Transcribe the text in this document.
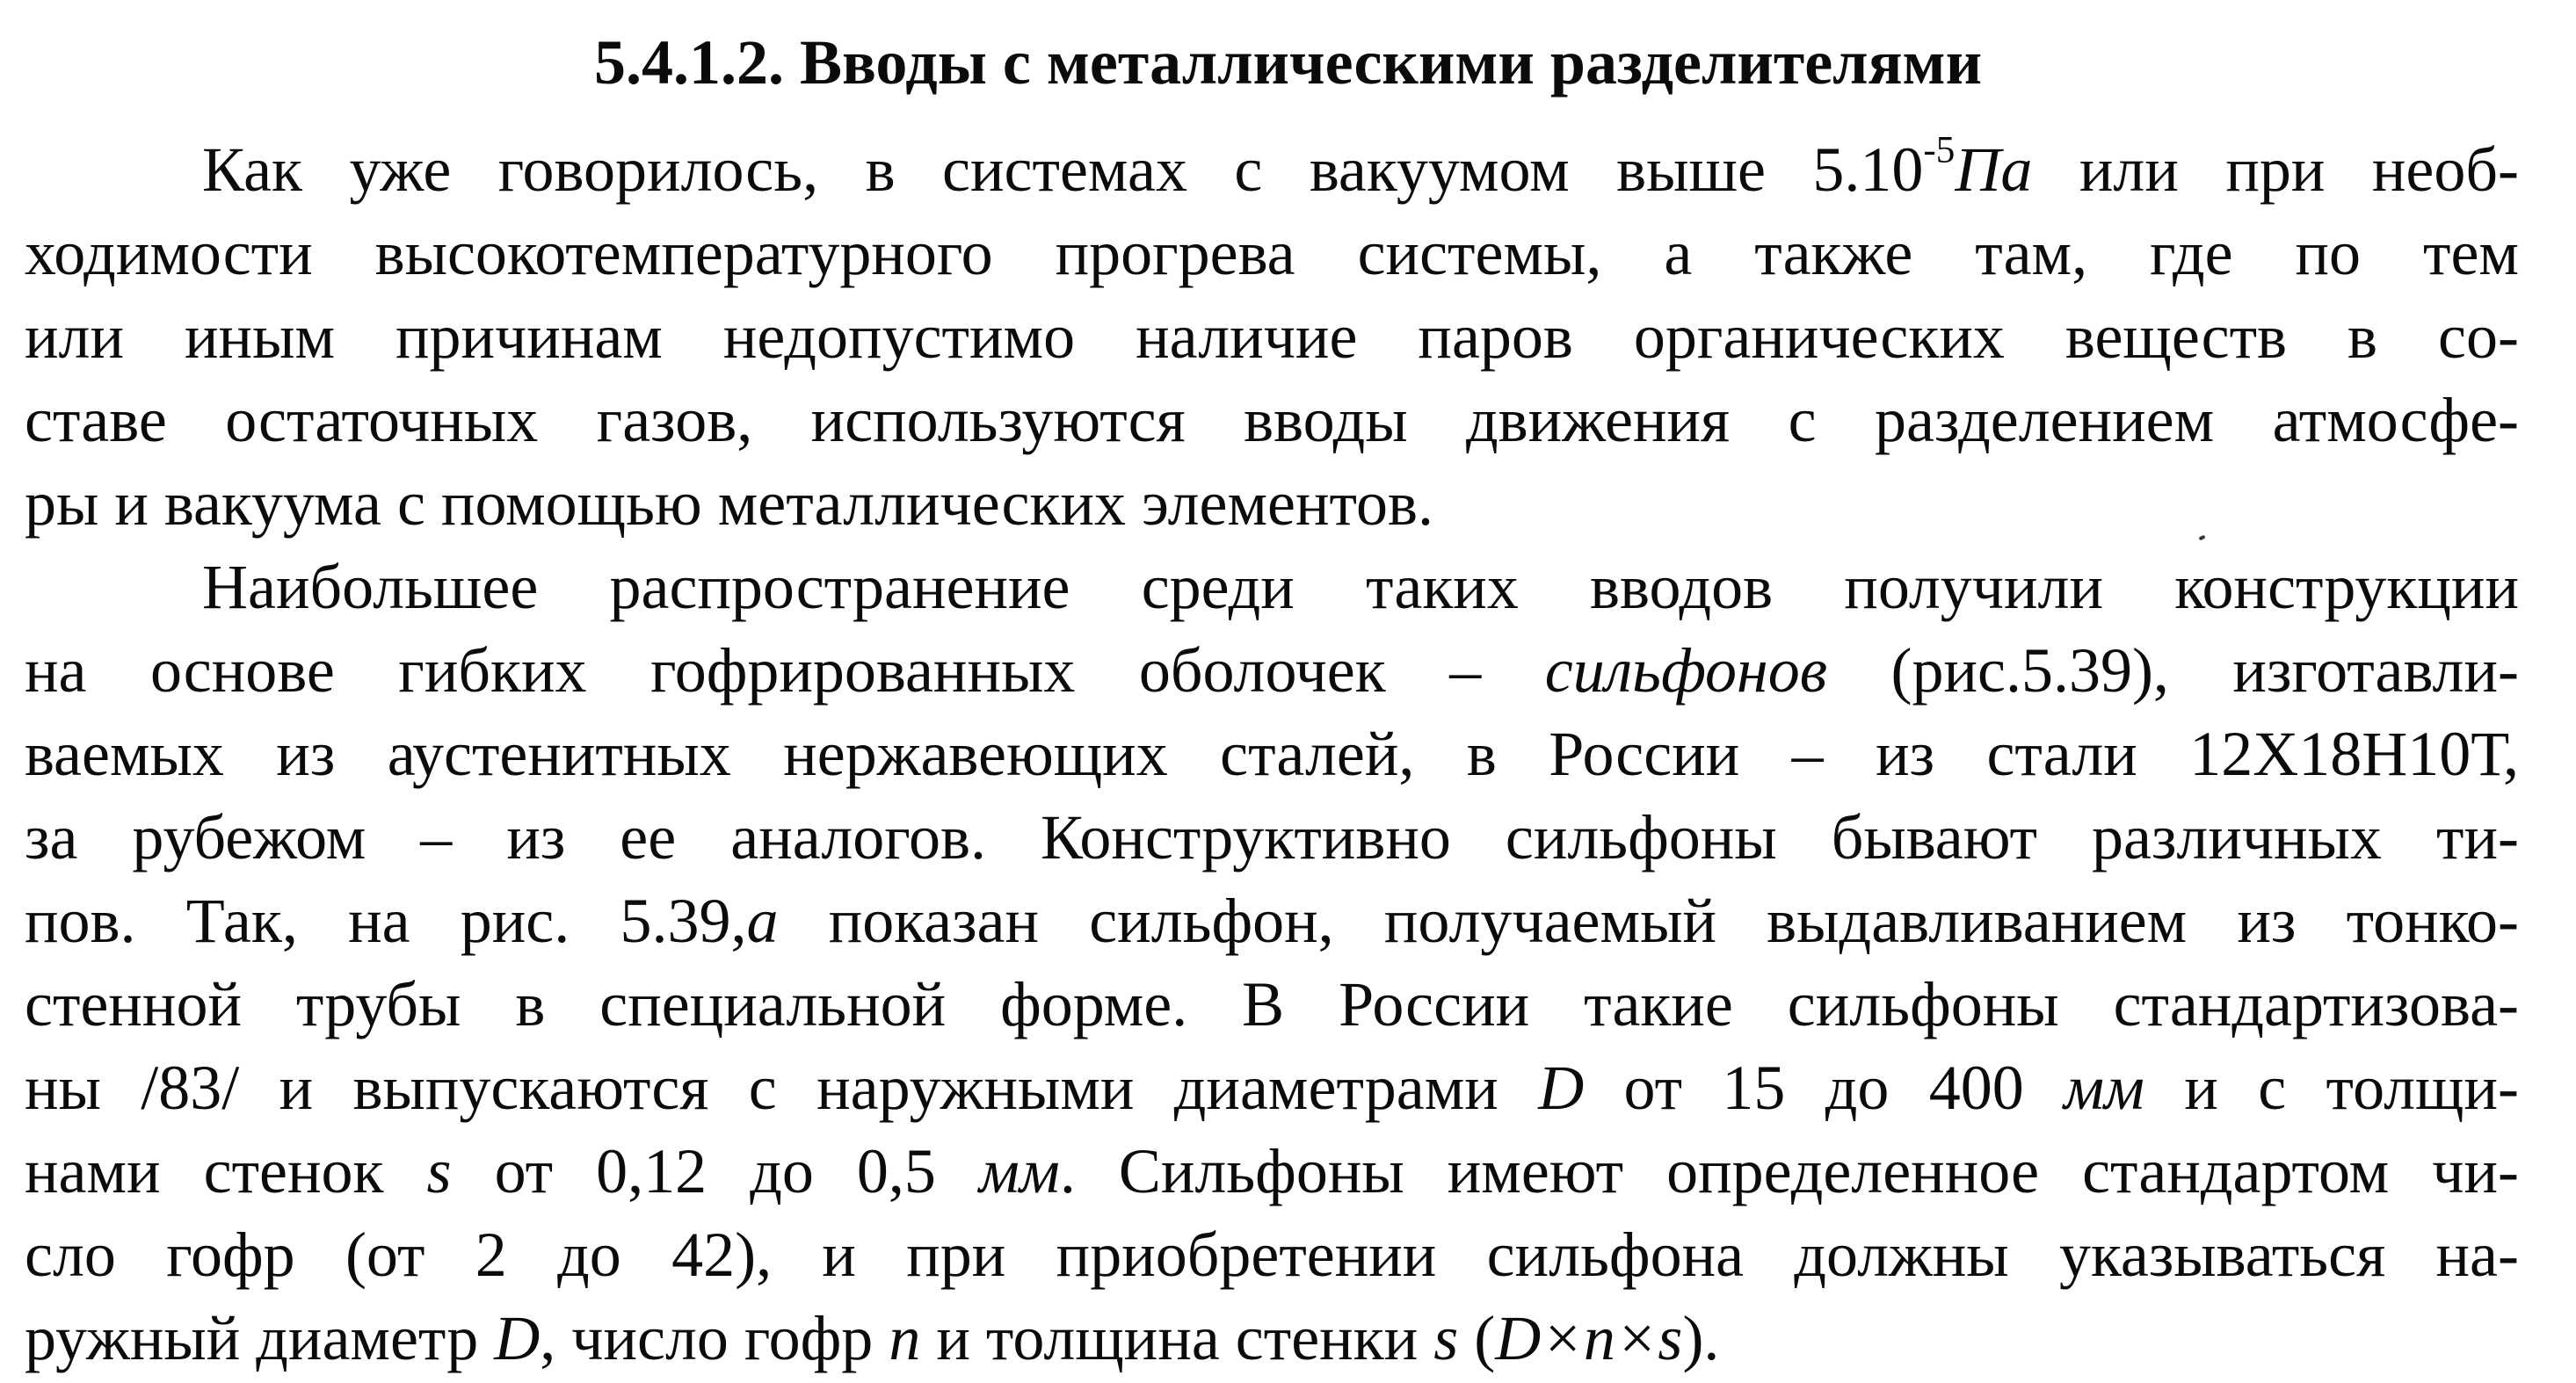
5.4.1.2. Вводы с металлическими разделителями
Как уже говорилось, в системах с вакуумом выше $5.10^{-5}Па$ или при необ-
ходимости высокотемпературного прогрева системы, а также там, где по тем
или иным причинам недопустимо наличие паров органических веществ в со-
ставе остаточных газов, используются вводы движения с разделением атмосфе-
ры и вакуума с помощью металлических элементов.
Наибольшее распространение среди таких вводов получили конструкции
на основе гибких гофрированных оболочек – сильфонов (рис.5.39), изготавли-
ваемых из аустенитных нержавеющих сталей, в России – из стали 12Х18Н10Т,
за рубежом – из ее аналогов. Конструктивно сильфоны бывают различных ти-
пов. Так, на рис. 5.39,а показан сильфон, получаемый выдавливанием из тонко-
стенной трубы в специальной форме. В России такие сильфоны стандартизова-
ны /83/ и выпускаются с наружными диаметрами D от 15 до 400 мм и с толщи-
нами стенок s от 0,12 до 0,5 мм. Сильфоны имеют определенное стандартом чи-
сло гофр (от 2 до 42), и при приобретении сильфона должны указываться на-
ружный диаметр D, число гофр n и толщина стенки s (D×n×s).
